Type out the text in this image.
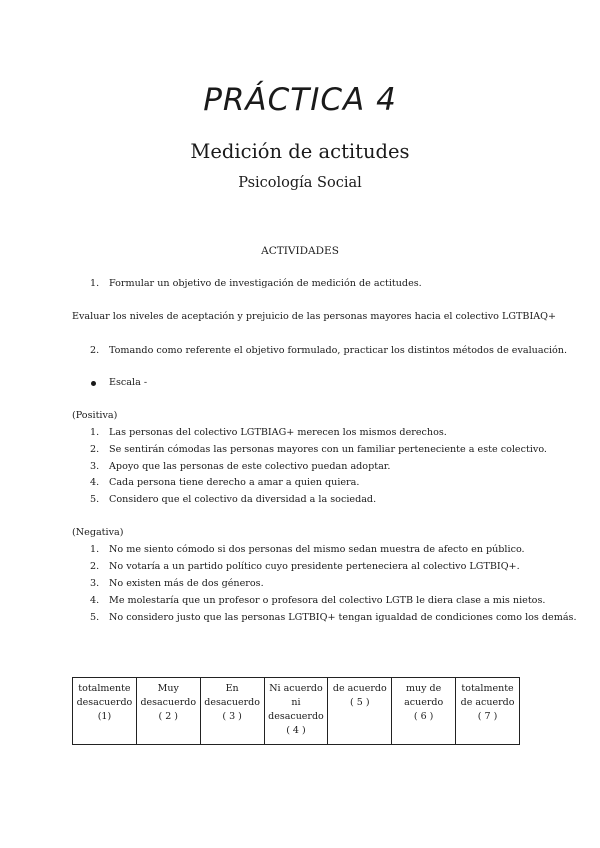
PRÁCTICA 4
Medición de actitudes
Psicología Social
ACTIVIDADES
1. Formular un objetivo de investigación de medición de actitudes.
Evaluar los niveles de aceptación y prejuicio de las personas mayores hacia el colectivo LGTBIAQ+
2. Tomando como referente el objetivo formulado, practicar los distintos métodos de evaluación.
Escala -
(Positiva)
1. Las personas del colectivo LGTBIAG+ merecen los mismos derechos.
2. Se sentirán cómodas las personas mayores con un familiar perteneciente a este colectivo.
3. Apoyo que las personas de este colectivo puedan adoptar.
4. Cada persona tiene derecho a amar a quien quiera.
5. Considero que el colectivo da diversidad a la sociedad.
(Negativa)
1. No me siento cómodo si dos personas del mismo sedan muestra de afecto en público.
2. No votaría a un partido político cuyo presidente perteneciera al colectivo LGTBIQ+.
3. No existen más de dos géneros.
4. Me molestaría que un profesor o profesora del colectivo LGTB le diera clase a mis nietos.
5. No considero justo que las personas LGTBIQ+ tengan igualdad de condiciones como los demás.
totalmente
desacuerdo
(1)

Muy
desacuerdo
( 2 )

En
desacuerdo
( 3 )

Ni acuerdo
ni
desacuerdo
( 4 )

de acuerdo
( 5 )

muy de
acuerdo
( 6 )

totalmente
de acuerdo
( 7 )
